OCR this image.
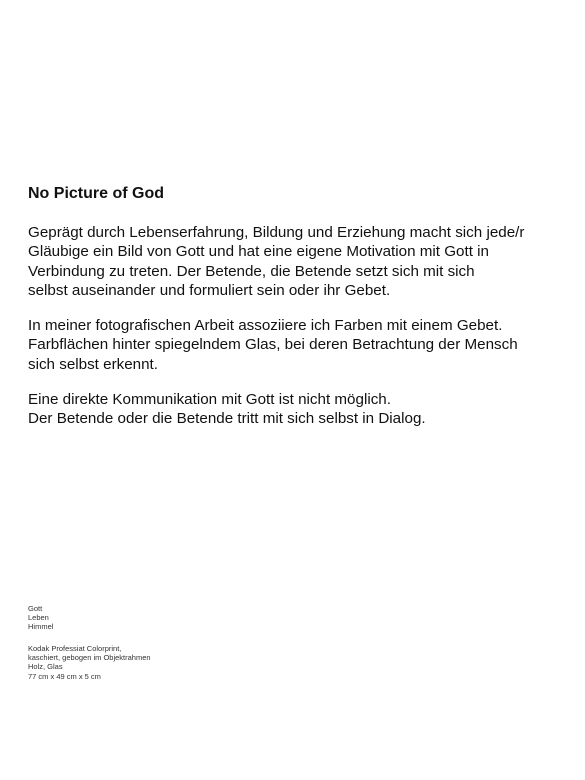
No Picture of God

Geprägt durch Lebenserfahrung, Bildung und Erziehung macht sich jede/r
Gläubige ein Bild von Gott und hat eine eigene Motivation mit Gott in
Verbindung zu treten. Der Betende, die Betende setzt sich mit sich
selbst auseinander und formuliert sein oder ihr Gebet.

In meiner fotografischen Arbeit assoziiere ich Farben mit einem Gebet.
Farbflächen hinter spiegelndem Glas, bei deren Betrachtung der Mensch
sich selbst erkennt.

Eine direkte Kommunikation mit Gott ist nicht möglich.
Der Betende oder die Betende tritt mit sich selbst in Dialog.

Gott
Leben
Himmel

Kodak Professiat Colorprint,
kaschiert, gebogen im Objektrahmen
Holz, Glas
77 cm x 49 cm x 5 cm
